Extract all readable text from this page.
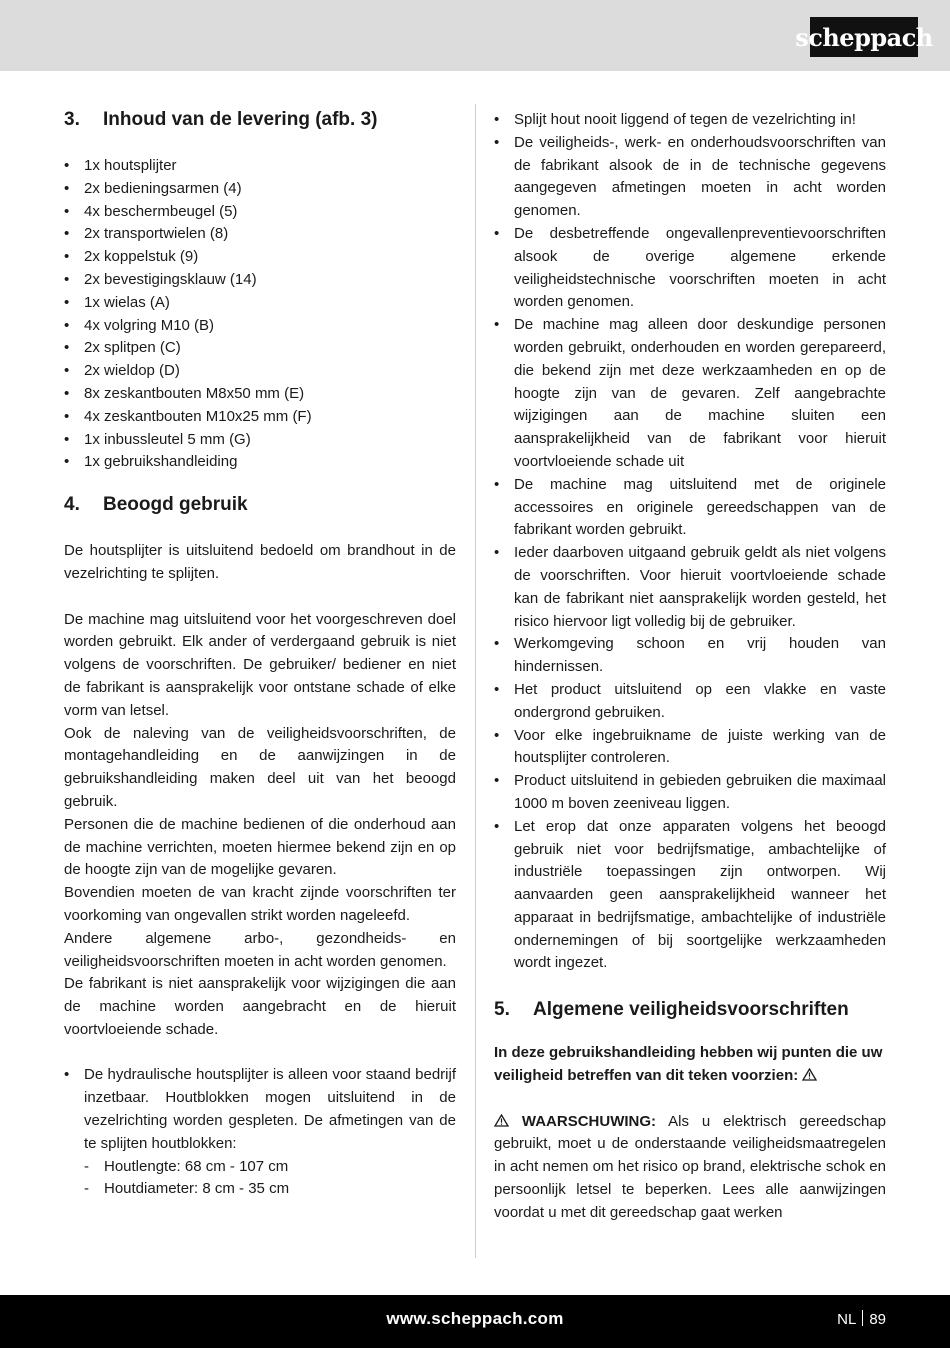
scheppach
3.	Inhoud van de levering (afb. 3)
• 1x houtsplijter
• 2x bedieningsarmen (4)
• 4x beschermbeugel (5)
• 2x transportwielen (8)
• 2x koppelstuk (9)
• 2x bevestigingsklauw (14)
• 1x wielas (A)
• 4x volgring M10 (B)
• 2x splitpen (C)
• 2x wieldop (D)
• 8x zeskantbouten M8x50 mm (E)
• 4x zeskantbouten M10x25 mm (F)
• 1x inbussleutel 5 mm (G)
• 1x gebruikshandleiding
4.	Beoogd gebruik

De houtsplijter is uitsluitend bedoeld om brandhout in de vezelrichting te splijten.

De machine mag uitsluitend voor het voorgeschreven doel worden gebruikt. Elk ander of verdergaand gebruik is niet volgens de voorschriften. De gebruiker/ bediener en niet de fabrikant is aansprakelijk voor ontstane schade of elke vorm van letsel.

Ook de naleving van de veiligheidsvoorschriften, de montagehandleiding en de aanwijzingen in de gebruikshandleiding maken deel uit van het beoogd gebruik.

Personen die de machine bedienen of die onderhoud aan de machine verrichten, moeten hiermee bekend zijn en op de hoogte zijn van de mogelijke gevaren.

Bovendien moeten de van kracht zijnde voorschriften ter voorkoming van ongevallen strikt worden nageleefd.

Andere algemene arbo-, gezondheids- en veiligheidsvoorschriften moeten in acht worden genomen.

De fabrikant is niet aansprakelijk voor wijzigingen die aan de machine worden aangebracht en de hieruit voortvloeiende schade.

• De hydraulische houtsplijter is alleen voor staand bedrijf inzetbaar. Houtblokken mogen uitsluitend in de vezelrichting worden gespleten. De afmetingen van de te splijten houtblokken:
- Houtlengte: 68 cm - 107 cm
- Houtdiameter: 8 cm - 35 cm
• Splijt hout nooit liggend of tegen de vezelrichting in!
• De veiligheids-, werk- en onderhoudsvoorschriften van de fabrikant alsook de in de technische gegevens aangegeven afmetingen moeten in acht worden genomen.
• De desbetreffende ongevallenpreventievoorschriften alsook de overige algemene erkende veiligheidstechnische voorschriften moeten in acht worden genomen.
• De machine mag alleen door deskundige personen worden gebruikt, onderhouden en worden gerepareerd, die bekend zijn met deze werkzaamheden en op de hoogte zijn van de gevaren. Zelf aangebrachte wijzigingen aan de machine sluiten een aansprakelijkheid van de fabrikant voor hieruit voortvloeiende schade uit
• De machine mag uitsluitend met de originele accessoires en originele gereedschappen van de fabrikant worden gebruikt.
• Ieder daarboven uitgaand gebruik geldt als niet volgens de voorschriften. Voor hieruit voortvloeiende schade kan de fabrikant niet aansprakelijk worden gesteld, het risico hiervoor ligt volledig bij de gebruiker.
• Werkomgeving schoon en vrij houden van hindernissen.
• Het product uitsluitend op een vlakke en vaste ondergrond gebruiken.
• Voor elke ingebruikname de juiste werking van de houtsplijter controleren.
• Product uitsluitend in gebieden gebruiken die maximaal 1000 m boven zeeniveau liggen.
• Let erop dat onze apparaten volgens het beoogd gebruik niet voor bedrijfsmatige, ambachtelijke of industriële toepassingen zijn ontworpen. Wij aanvaarden geen aansprakelijkheid wanneer het apparaat in bedrijfsmatige, ambachtelijke of industriële ondernemingen of bij soortgelijke werkzaamheden wordt ingezet.
5.	Algemene veiligheidsvoorschriften

In deze gebruikshandleiding hebben wij punten die uw veiligheid betreffen van dit teken voorzien:

WAARSCHUWING: Als u elektrisch gereedschap gebruikt, moet u de onderstaande veiligheidsmaatregelen in acht nemen om het risico op brand, elektrische schok en persoonlijk letsel te beperken. Lees alle aanwijzingen voordat u met dit gereedschap gaat werken

www.scheppach.com	NL 89
